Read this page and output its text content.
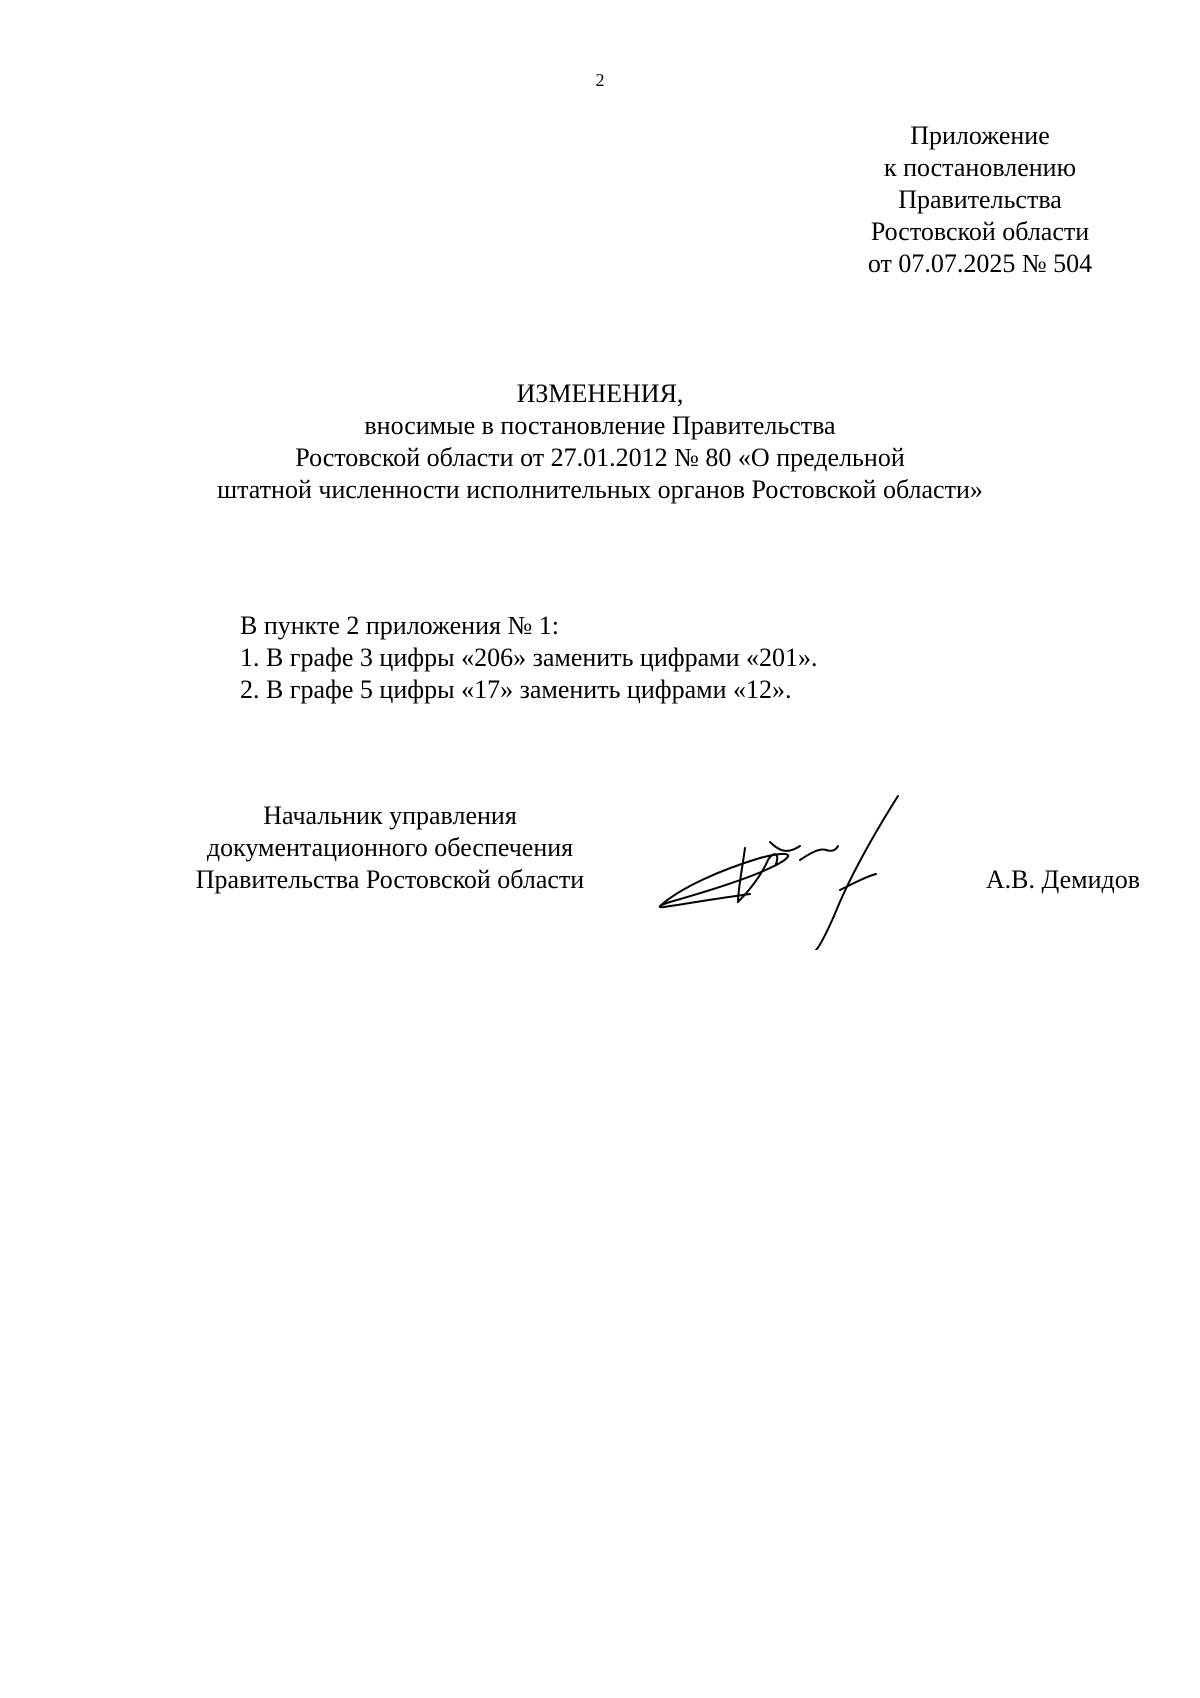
2
Приложение
к постановлению
Правительства
Ростовской области
от 07.07.2025 № 504
ИЗМЕНЕНИЯ,
вносимые в постановление Правительства
Ростовской области от 27.01.2012 № 80 «О предельной
штатной численности исполнительных органов Ростовской области»
В пункте 2 приложения № 1:
1. В графе 3 цифры «206» заменить цифрами «201».
2. В графе 5 цифры «17» заменить цифрами «12».
Начальник управления
документационного обеспечения
Правительства Ростовской области	А.В. Демидов
